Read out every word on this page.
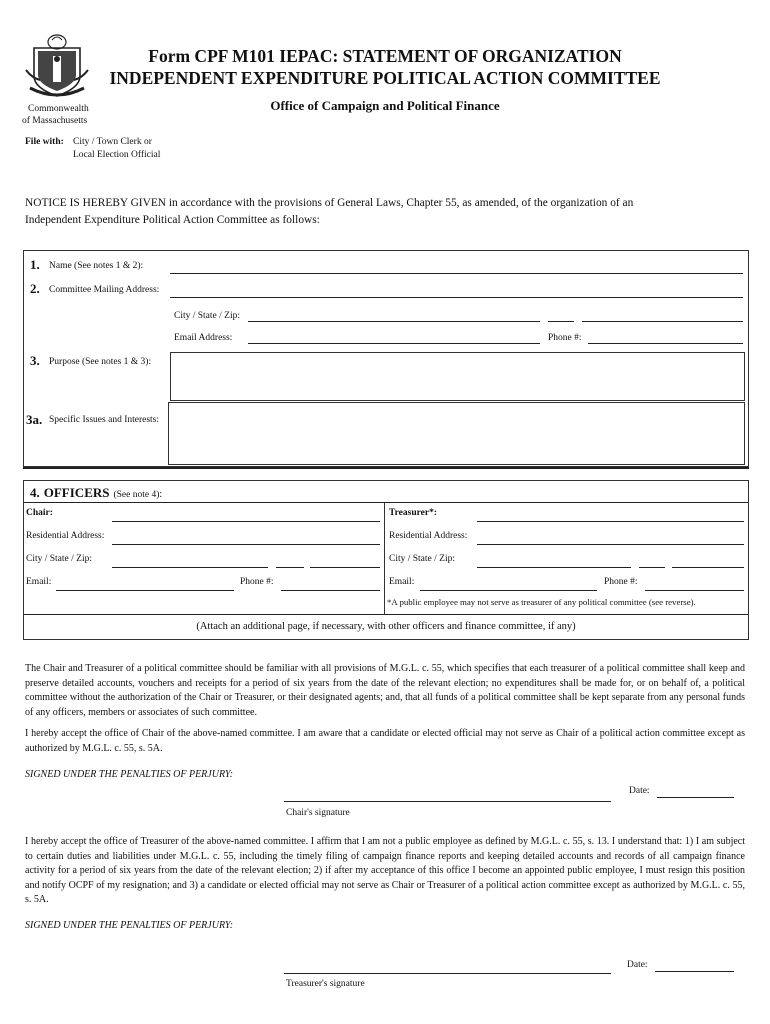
Commonwealth
of Massachusetts
Form CPF M101 IEPAC: STATEMENT OF ORGANIZATION
INDEPENDENT EXPENDITURE POLITICAL ACTION COMMITTEE
Office of Campaign and Political Finance
File with: City / Town Clerk or
Local Election Official
NOTICE IS HEREBY GIVEN in accordance with the provisions of General Laws, Chapter 55, as amended, of the organization of an
Independent Expenditure Political Action Committee as follows:
1. Name (See notes 1 & 2):
2. Committee Mailing Address:
City / State / Zip:
Email Address:	Phone #:
3. Purpose (See notes 1 & 3):
3a. Specific Issues and Interests:
4. OFFICERS (See note 4):
Chair:
Residential Address:
City / State / Zip:
Email:	Phone #:
Treasurer*:
Residential Address:
City / State / Zip:
Email:	Phone #:
*A public employee may not serve as treasurer of any political committee (see reverse).
(Attach an additional page, if necessary, with other officers and finance committee, if any)
The Chair and Treasurer of a political committee should be familiar with all provisions of M.G.L. c. 55, which specifies that each treasurer of a political committee shall keep and preserve detailed accounts, vouchers and receipts for a period of six years from the date of the relevant election; no expenditures shall be made for, or on behalf of, a political committee without the authorization of the Chair or Treasurer, or their designated agents; and, that all funds of a political committee shall be kept separate from any personal funds of any officers, members or associates of such committee.
I hereby accept the office of Chair of the above-named committee. I am aware that a candidate or elected official may not serve as Chair of a political action committee except as authorized by M.G.L. c. 55, s. 5A.
SIGNED UNDER THE PENALTIES OF PERJURY:
Date:
Chair's signature
I hereby accept the office of Treasurer of the above-named committee. I affirm that I am not a public employee as defined by M.G.L. c. 55, s. 13. I understand that: 1) I am subject to certain duties and liabilities under M.G.L. c. 55, including the timely filing of campaign finance reports and keeping detailed accounts and records of all campaign finance activity for a period of six years from the date of the relevant election; 2) if after my acceptance of this office I become an appointed public employee, I must resign this position and notify OCPF of my resignation; and 3) a candidate or elected official may not serve as Chair or Treasurer of a political action committee except as authorized by M.G.L. c. 55, s. 5A.
SIGNED UNDER THE PENALTIES OF PERJURY:
Date:
Treasurer's signature
